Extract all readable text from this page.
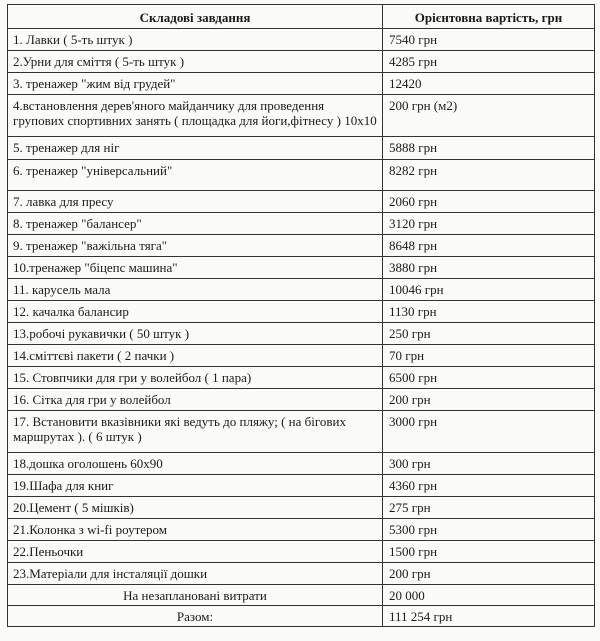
Складові завдання	Орієнтовна вартість, грн
1. Лавки ( 5-ть штук )	7540 грн
2.Урни для сміття ( 5-ть штук )	4285 грн
3. тренажер "жим від грудей"	12420
4.встановлення дерев'яного майданчику для проведення групових спортивних занять ( площадка для йоги,фітнесу ) 10х10	200 грн (м2)
5. тренажер для ніг	5888 грн
6. тренажер "універсальний"	8282 грн
7. лавка для пресу	2060 грн
8. тренажер "балансер"	3120 грн
9. тренажер "важільна тяга"	8648 грн
10.тренажер "біцепс машина"	3880 грн
11. карусель мала	10046 грн
12. качалка балансир	1130 грн
13.робочі рукавички ( 50 штук )	250 грн
14.сміттєві пакети ( 2 пачки )	70 грн
15. Стовпчики для гри у волейбол ( 1 пара)	6500 грн
16. Сітка для гри у волейбол	200 грн
17. Встановити вказівники які ведуть до пляжу; ( на бігових маршрутах ). ( 6 штук )	3000 грн
18.дошка оголошень 60х90	300 грн
19.Шафа для книг	4360 грн
20.Цемент ( 5 мішків)	275 грн
21.Колонка з wi-fi роутером	5300 грн
22.Пеньочки	1500 грн
23.Матеріали для інсталяції дошки	200 грн
На незаплановані витрати	20 000
Разом:	111 254 грн
